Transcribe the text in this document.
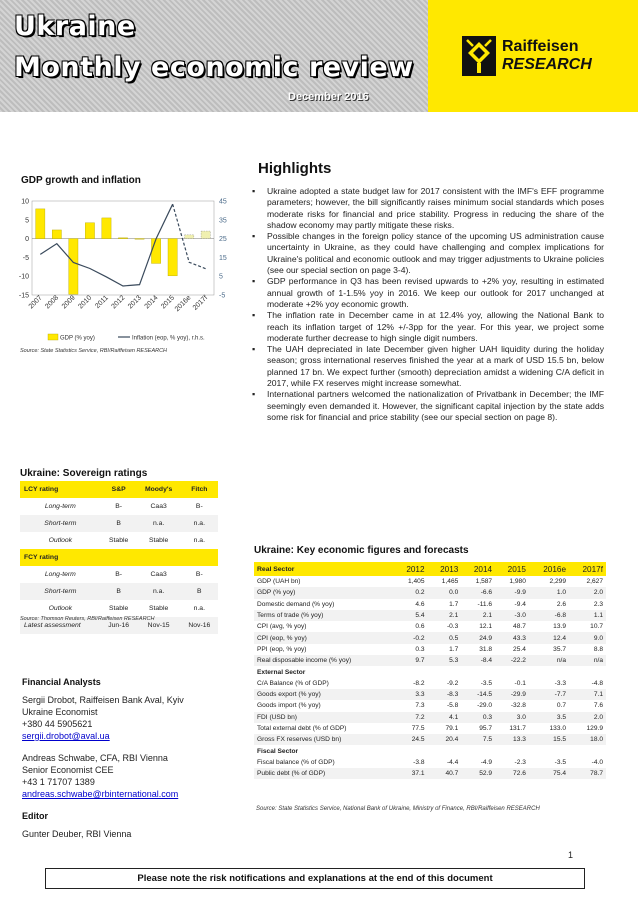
Ukraine
Monthly economic review
December 2016
Raiffeisen
RESEARCH
GDP growth and inflation
10
5
0
-5
-10
-15
45
35
25
15
5
-5
2007 2008 2009 2010 2011 2012 2013 2014 2015
2016e 2017f
GDP (% yoy)	Inflation (eop, % yoy), r.h.s.
Source: State Statistics Service, RBI/Raiffeisen RESEARCH
Highlights
▪ Ukraine adopted a state budget law for 2017 consistent with the IMF's EFF programme parameters; however, the bill significantly raises minimum social standards which poses moderate risks for financial and price stability. Progress in reducing the share of the shadow economy may partly mitigate these risks.
▪ Possible changes in the foreign policy stance of the upcoming US administration cause uncertainty in Ukraine, as they could have challenging and complex implications for Ukraine's political and economic outlook and may trigger adjustments to Ukraine policies (see our special section on page 3-4).
▪ GDP performance in Q3 has been revised upwards to +2% yoy, resulting in estimated annual growth of 1-1.5% yoy in 2016. We keep our outlook for 2017 unchanged at moderate +2% yoy economic growth.
▪ The inflation rate in December came in at 12.4% yoy, allowing the National Bank to reach its inflation target of 12% +/-3pp for the year. For this year, we project some moderate further decrease to high single digit numbers.
▪ The UAH depreciated in late December given higher UAH liquidity during the holiday season; gross international reserves finished the year at a mark of USD 15.5 bn, below planned 17 bn. We expect further (smooth) depreciation amidst a widening C/A deficit in 2017, while FX reserves might increase somewhat.
▪ International partners welcomed the nationalization of Privatbank in December; the IMF seemingly even demanded it. However, the significant capital injection by the state adds some risk for financial and price stability (see our special section on page 8).
Ukraine: Sovereign ratings
LCY rating	S&P	Moody's	Fitch
Long-term	B-	Caa3	B-
Short-term	B	n.a.	n.a.
Outlook	Stable	Stable	n.a.
FCY rating			
Long-term	B-	Caa3	B-
Short-term	B	n.a.	B
Outlook	Stable	Stable	n.a.
Latest assessment	Jun-16	Nov-15	Nov-16
Source: Thomson Reuters, RBI/Raiffeisen RESEARCH

Financial Analysts

Sergii Drobot, Raiffeisen Bank Aval, Kyiv

Ukraine Economist

+380 44 5905621

sergii.drobot@aval.ua

Andreas Schwabe, CFA, RBI Vienna

Senior Economist CEE

+43 1 71707 1389

andreas.schwabe@rbinternational.com

Editor

Gunter Deuber, RBI Vienna

Ukraine: Key economic figures and forecasts
Real Sector	2012	2013	2014	2015	2016e	2017f
GDP (UAH bn)	1,405	1,465	1,587	1,980	2,299	2,627
GDP (% yoy)	0.2	0.0	-6.6	-9.9	1.0	2.0
Domestic demand (% yoy)	4.6	1.7	-11.6	-9.4	2.6	2.3
Terms of trade (% yoy)	5.4	2.1	2.1	-3.0	-6.8	1.1
CPI (avg, % yoy)	0.6	-0.3	12.1	48.7	13.9	10.7
CPI (eop, % yoy)	-0.2	0.5	24.9	43.3	12.4	9.0
PPI (eop, % yoy)	0.3	1.7	31.8	25.4	35.7	8.8
Real disposable income (% yoy)	9.7	5.3	-8.4	-22.2	n/a	n/a
External Sector						
C/A Balance (% of GDP)	-8.2	-9.2	-3.5	-0.1	-3.3	-4.8
Goods export (% yoy)	3.3	-8.3	-14.5	-29.9	-7.7	7.1
Goods import (% yoy)	7.3	-5.8	-29.0	-32.8	0.7	7.6
FDI (USD bn)	7.2	4.1	0.3	3.0	3.5	2.0
Total external debt (% of GDP)	77.5	79.1	95.7	131.7	133.0	129.9
Gross FX reserves (USD bn)	24.5	20.4	7.5	13.3	15.5	18.0
Fiscal Sector						
Fiscal balance (% of GDP)	-3.8	-4.4	-4.9	-2.3	-3.5	-4.0
Public debt (% of GDP)	37.1	40.7	52.9	72.6	75.4	78.7
Source: State Statistics Service, National Bank of Ukraine, Ministry of Finance, RBI/Raiffeisen RESEARCH
1
Please note the risk notifications and explanations at the end of this document
